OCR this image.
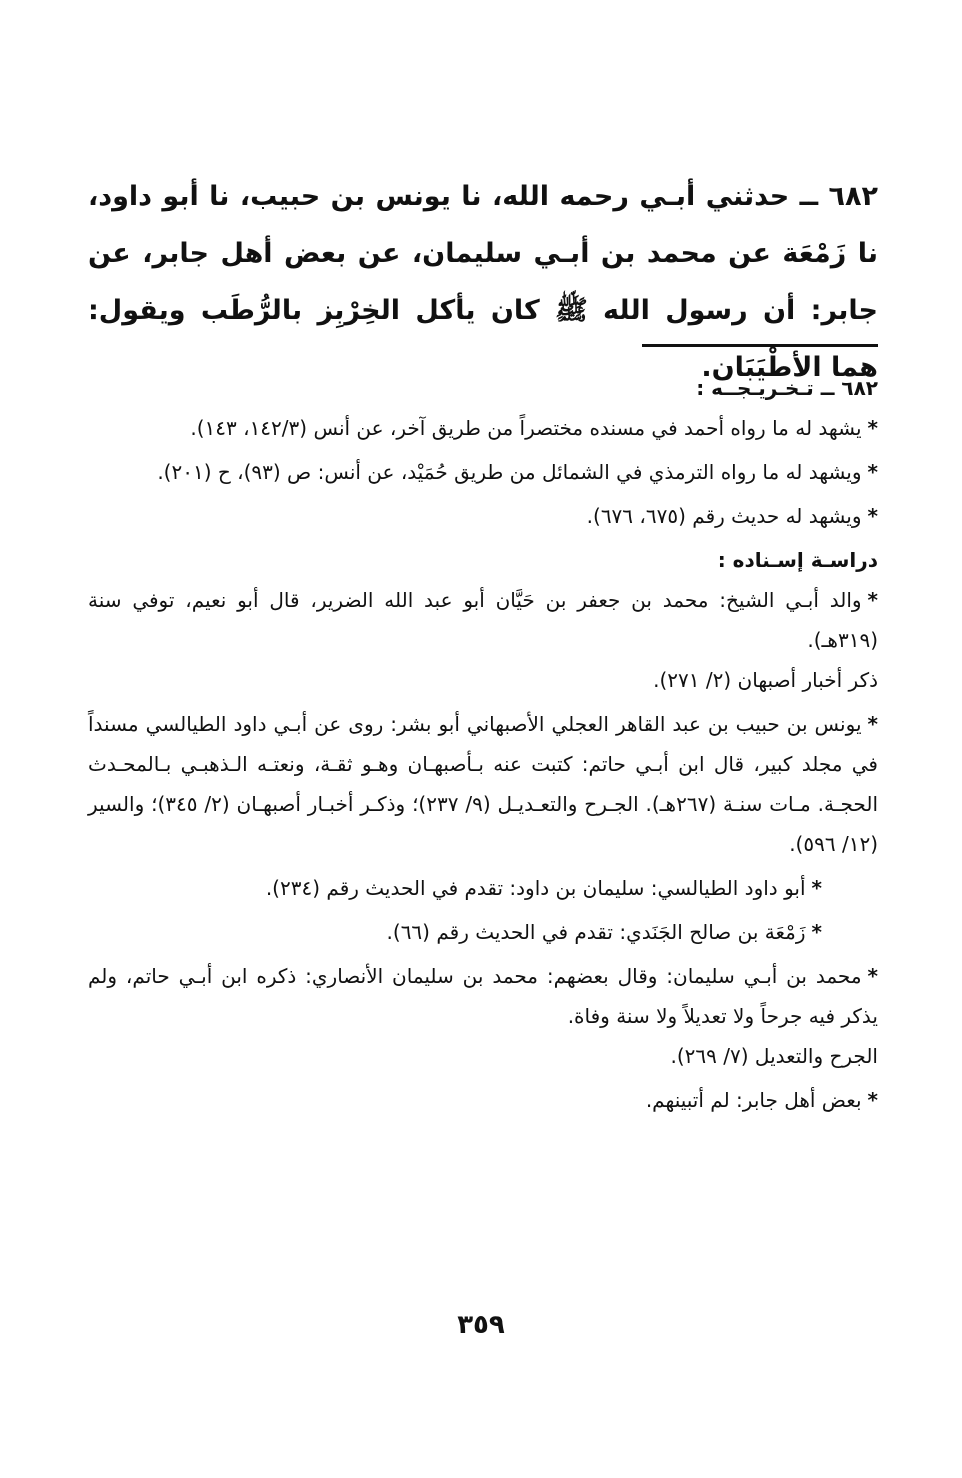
٦٨٢ ــ حدثني أبـي رحمه الله، نا يونس بن حبيب، نا أبو داود، نا زَمْعَة عن محمد بن أبـي سليمان، عن بعض أهل جابر، عن جابر: أن رسول الله ﷺ كان يأكل الخِرْبِز بالرُّطَب ويقول: هما الأطْيَبَان.

٦٨٢ ــ تـخـريـجــه :

*يشهد له ما رواه أحمد في مسنده مختصراً من طريق آخر، عن أنس (١٤٢/٣، ١٤٣).

*ويشهد له ما رواه الترمذي في الشمائل من طريق حُمَيْد، عن أنس: ص (٩٣)، ح (٢٠١).

*ويشهد له حديث رقم (٦٧٥، ٦٧٦).

دراسـة إسـناده :

*والد أبـي الشيخ: محمد بن جعفر بن حَيَّان أبو عبد الله الضرير، قال أبو نعيم، توفي سنة (٣١٩هـ).

ذكر أخبار أصبهان (٢/ ٢٧١).

*يونس بن حبيب بن عبد القاهر العجلي الأصبهاني أبو بشر: روى عن أبـي داود الطيالسي مسنداً في مجلد كبير، قال ابن أبـي حاتم: كتبت عنه بـأصبهـان وهـو ثقـة، ونعتـه الـذهبـي بـالمحـدث الحجـة. مـات سنـة (٢٦٧هـ). الجـرح والتعـديـل (٩/ ٢٣٧)؛ وذكـر أخبـار أصبهـان (٢/ ٣٤٥)؛ والسير (١٢/ ٥٩٦).

*أبو داود الطيالسي: سليمان بن داود: تقدم في الحديث رقم (٢٣٤).

*زَمْعَة بن صالح الجَنَدي: تقدم في الحديث رقم (٦٦).

*محمد بن أبـي سليمان: وقال بعضهم: محمد بن سليمان الأنصاري: ذكره ابن أبـي حاتم، ولم يذكر فيه جرحاً ولا تعديلاً ولا سنة وفاة.

الجرح والتعديل (٧/ ٢٦٩).

*بعض أهل جابر: لم أتبينهم.

٣٥٩
